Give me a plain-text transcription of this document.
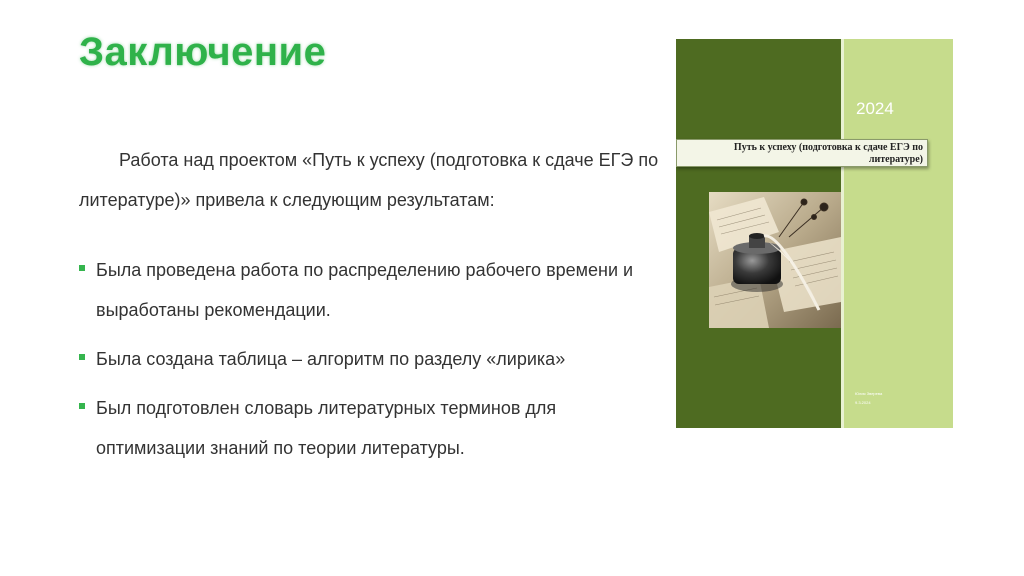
Заключение

Работа над проектом «Путь к успеху (подготовка к сдаче ЕГЭ по литературе)» привела к следующим результатам:

Была проведена работа по распределению рабочего времени и выработаны рекомендации.
Была создана таблица – алгоритм по разделу «лирика»
Был подготовлен словарь литературных терминов для оптимизации знаний по теории литературы.
2024
Путь к успеху (подготовка к сдаче ЕГЭ по литературе)
Юлия Зверева
9.3.2024
